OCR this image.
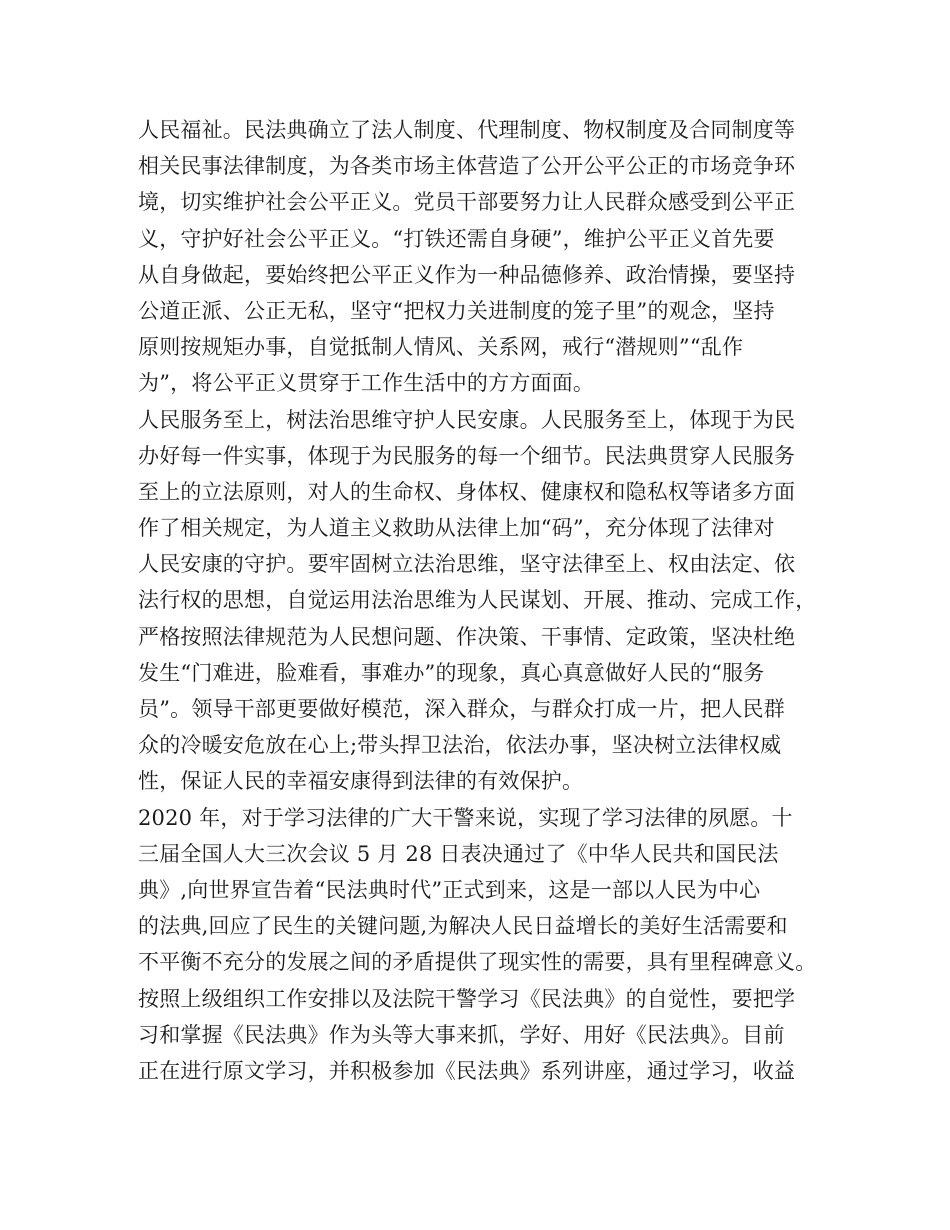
人民福祉。民法典确立了法人制度、代理制度、物权制度及合同制度等
相关民事法律制度，为各类市场主体营造了公开公平公正的市场竞争环
境，切实维护社会公平正义。党员干部要努力让人民群众感受到公平正
义，守护好社会公平正义。“打铁还需自身硬”，维护公平正义首先要
从自身做起，要始终把公平正义作为一种品德修养、政治情操，要坚持
公道正派、公正无私，坚守“把权力关进制度的笼子里”的观念，坚持
原则按规矩办事，自觉抵制人情风、关系网，戒行“潜规则”“乱作
为”，将公平正义贯穿于工作生活中的方方面面。
人民服务至上，树法治思维守护人民安康。人民服务至上，体现于为民
办好每一件实事，体现于为民服务的每一个细节。民法典贯穿人民服务
至上的立法原则，对人的生命权、身体权、健康权和隐私权等诸多方面
作了相关规定，为人道主义救助从法律上加“码”，充分体现了法律对
人民安康的守护。要牢固树立法治思维，坚守法律至上、权由法定、依
法行权的思想，自觉运用法治思维为人民谋划、开展、推动、完成工作，
严格按照法律规范为人民想问题、作决策、干事情、定政策，坚决杜绝
发生“门难进，脸难看，事难办”的现象，真心真意做好人民的“服务
员”。领导干部更要做好模范，深入群众，与群众打成一片，把人民群
众的冷暖安危放在心上;带头捍卫法治，依法办事，坚决树立法律权威
性，保证人民的幸福安康得到法律的有效保护。
2020 年，对于学习法律的广大干警来说，实现了学习法律的夙愿。十
三届全国人大三次会议 5 月 28 日表决通过了《中华人民共和国民法
典》,向世界宣告着“民法典时代”正式到来，这是一部以人民为中心
的法典,回应了民生的关键问题,为解决人民日益增长的美好生活需要和
不平衡不充分的发展之间的矛盾提供了现实性的需要，具有里程碑意义。
按照上级组织工作安排以及法院干警学习《民法典》的自觉性，要把学
习和掌握《民法典》作为头等大事来抓，学好、用好《民法典》。目前
正在进行原文学习，并积极参加《民法典》系列讲座，通过学习，收益
